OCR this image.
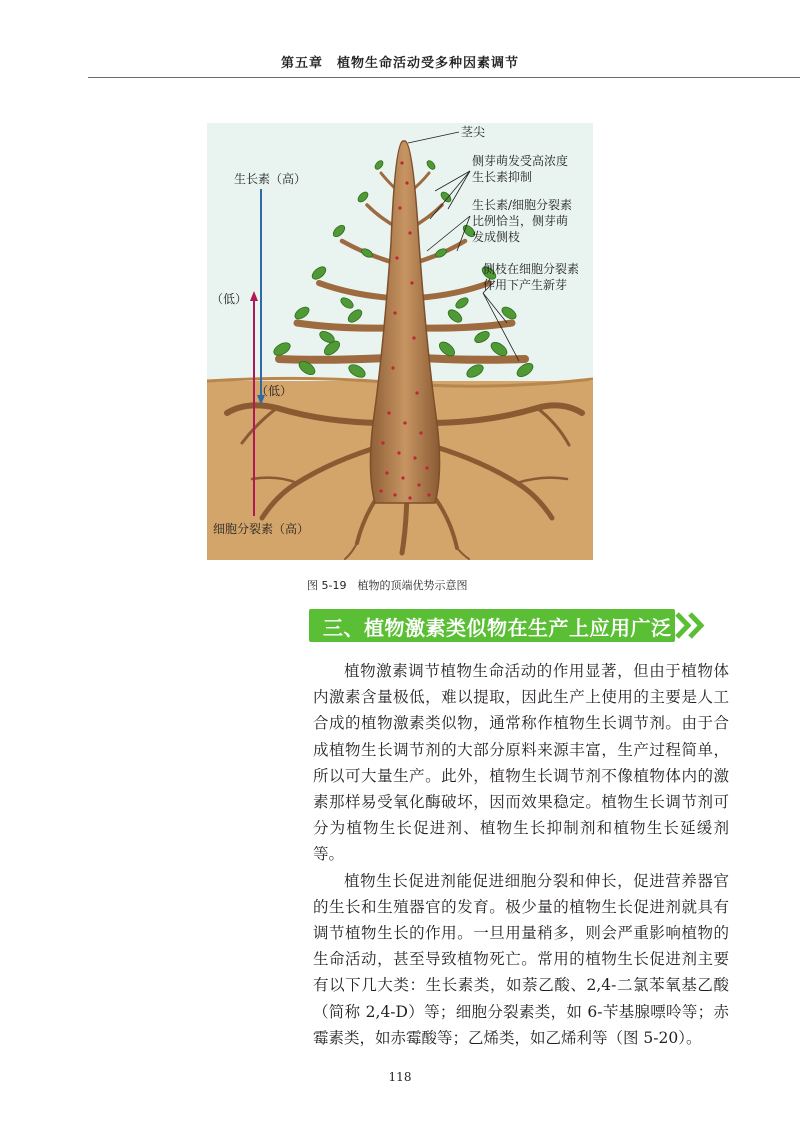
第五章　植物生命活动受多种因素调节
茎尖
生长素（高）
（低）
（低）
细胞分裂素（高）
侧芽萌发受高浓度
生长素抑制
生长素/细胞分裂素
比例恰当，侧芽萌
发成侧枝
侧枝在细胞分裂素
作用下产生新芽
图 5-19　植物的顶端优势示意图
三、植物激素类似物在生产上应用广泛

植物激素调节植物生命活动的作用显著，但由于植物体内激素含量极低，难以提取，因此生产上使用的主要是人工合成的植物激素类似物，通常称作植物生长调节剂。由于合成植物生长调节剂的大部分原料来源丰富，生产过程简单，所以可大量生产。此外，植物生长调节剂不像植物体内的激素那样易受氧化酶破坏，因而效果稳定。植物生长调节剂可分为植物生长促进剂、植物生长抑制剂和植物生长延缓剂等。

植物生长促进剂能促进细胞分裂和伸长，促进营养器官的生长和生殖器官的发育。极少量的植物生长促进剂就具有调节植物生长的作用。一旦用量稍多，则会严重影响植物的生命活动，甚至导致植物死亡。常用的植物生长促进剂主要有以下几大类：生长素类，如萘乙酸、2,4-二氯苯氧基乙酸（简称 2,4-D）等；细胞分裂素类，如 6-苄基腺嘌呤等；赤霉素类，如赤霉酸等；乙烯类，如乙烯利等（图 5-20）。

118
